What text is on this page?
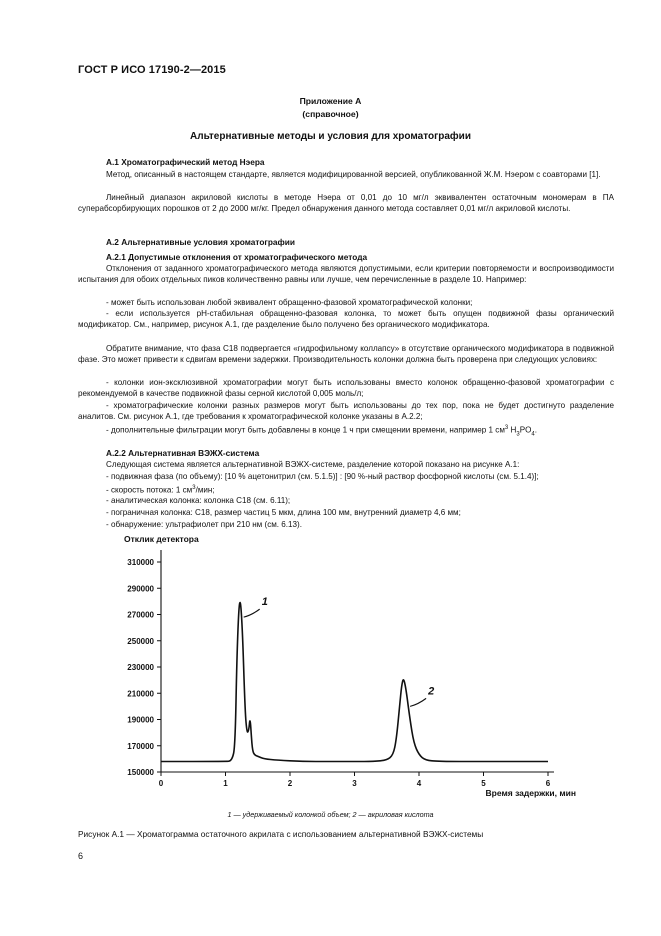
ГОСТ Р ИСО 17190-2—2015
Приложение А
(справочное)
Альтернативные методы и условия для хроматографии
А.1 Хроматографический метод Нэера
Метод, описанный в настоящем стандарте, является модифицированной версией, опубликованной Ж.М. Нэером с соавторами [1].
Линейный диапазон акриловой кислоты в методе Нэера от 0,01 до 10 мг/л эквивалентен остаточным мономерам в ПА суперабсорбирующих порошков от 2 до 2000 мг/кг. Предел обнаружения данного метода составляет 0,01 мг/л акриловой кислоты.
А.2 Альтернативные условия хроматографии
А.2.1 Допустимые отклонения от хроматографического метода
Отклонения от заданного хроматографического метода являются допустимыми, если критерии повторяемости и воспроизводимости испытания для обоих отдельных пиков количественно равны или лучше, чем перечисленные в разделе 10. Например:
- может быть использован любой эквивалент обращенно-фазовой хроматографической колонки;
- если используется pH-стабильная обращенно-фазовая колонка, то может быть опущен подвижной фазы органический модификатор. См., например, рисунок А.1, где разделение было получено без органического модификатора.
Обратите внимание, что фаза С18 подвергается «гидрофильному коллапсу» в отсутствие органического модификатора в подвижной фазе. Это может привести к сдвигам времени задержки. Производительность колонки должна быть проверена при следующих условиях:
- колонки ион-эксклюзивной хроматографии могут быть использованы вместо колонок обращенно-фазовой хроматографии с рекомендуемой в качестве подвижной фазы серной кислотой 0,005 моль/л;
- хроматографические колонки разных размеров могут быть использованы до тех пор, пока не будет достигнуто разделение аналитов. См. рисунок А.1, где требования к хроматографической колонке указаны в А.2.2;
- дополнительные фильтрации могут быть добавлены в конце 1 ч при смещении времени, например 1 $см^3$ $H_3PO_4$.
А.2.2 Альтернативная ВЭЖХ-система
Следующая система является альтернативной ВЭЖХ-системе, разделение которой показано на рисунке А.1:
- подвижная фаза (по объему): [10 % ацетонитрил (см. 5.1.5)] : [90 %-ный раствор фосфорной кислоты (см. 5.1.4)];
- скорость потока: 1 $см^3$/мин;
- аналитическая колонка: колонка С18 (см. 6.11);
- пограничная колонка: С18, размер частиц 5 мкм, длина 100 мм, внутренний диаметр 4,6 мм;
- обнаружение: ультрафиолет при 210 нм (см. 6.13).
150000
170000
190000
210000
230000
250000
270000
290000
310000
0	1	2	3	4	5	6
Отклик детектора
Время задержки, мин
1
2
1 — удерживаемый колонкой объем; 2 — акриловая кислота
Рисунок А.1 — Хроматограмма остаточного акрилата с использованием альтернативной ВЭЖХ-системы
6
